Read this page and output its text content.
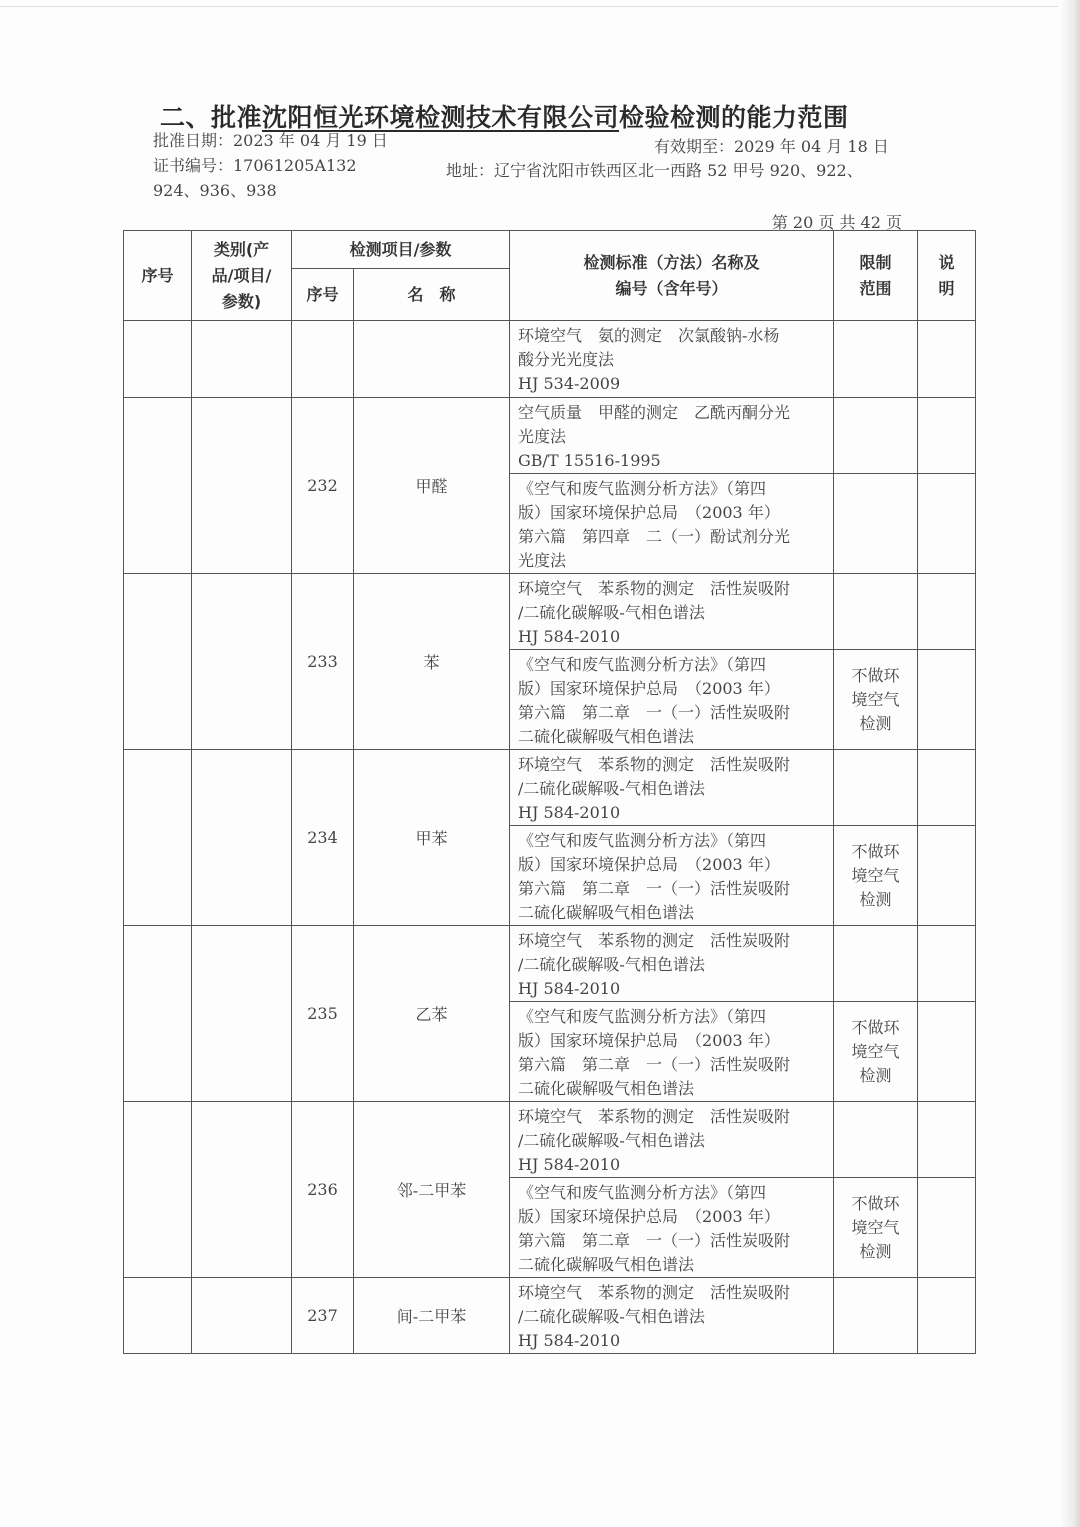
二、批准沈阳恒光环境检测技术有限公司检验检测的能力范围
批准日期：2023 年 04 月 19 日	有效期至：2029 年 04 月 18 日
证书编号：17061205A132	地址：辽宁省沈阳市铁西区北一西路 52 甲号 920、922、
924、936、938
第 20 页 共 42 页
序号	类别(产
品/项目/
参数)	检测项目/参数		检测标准（方法）名称及
编号（含年号）	限制
范围	说
明

		序号	名　称			

				环境空气　氨的测定　次氯酸钠-水杨
酸分光光度法
HJ 534-2009		

		232	甲醛	空气质量　甲醛的测定　乙酰丙酮分光
光度法
GB/T 15516-1995		

				《空气和废气监测分析方法》（第四
版）国家环境保护总局　（2003 年）
第六篇　第四章　二（一）酚试剂分光
光度法		

		233	苯	环境空气　苯系物的测定　活性炭吸附
/二硫化碳解吸-气相色谱法
HJ 584-2010		

				《空气和废气监测分析方法》（第四
版）国家环境保护总局　（2003 年）
第六篇　第二章　一（一）活性炭吸附
二硫化碳解吸气相色谱法	不做环
境空气
检测	

		234	甲苯	环境空气　苯系物的测定　活性炭吸附
/二硫化碳解吸-气相色谱法
HJ 584-2010		

				《空气和废气监测分析方法》（第四
版）国家环境保护总局　（2003 年）
第六篇　第二章　一（一）活性炭吸附
二硫化碳解吸气相色谱法	不做环
境空气
检测	

		235	乙苯	环境空气　苯系物的测定　活性炭吸附
/二硫化碳解吸-气相色谱法
HJ 584-2010		

				《空气和废气监测分析方法》（第四
版）国家环境保护总局　（2003 年）
第六篇　第二章　一（一）活性炭吸附
二硫化碳解吸气相色谱法	不做环
境空气
检测	

		236	邻-二甲苯	环境空气　苯系物的测定　活性炭吸附
/二硫化碳解吸-气相色谱法
HJ 584-2010		

				《空气和废气监测分析方法》（第四
版）国家环境保护总局　（2003 年）
第六篇　第二章　一（一）活性炭吸附
二硫化碳解吸气相色谱法	不做环
境空气
检测	

		237	间-二甲苯	环境空气　苯系物的测定　活性炭吸附
/二硫化碳解吸-气相色谱法
HJ 584-2010		
